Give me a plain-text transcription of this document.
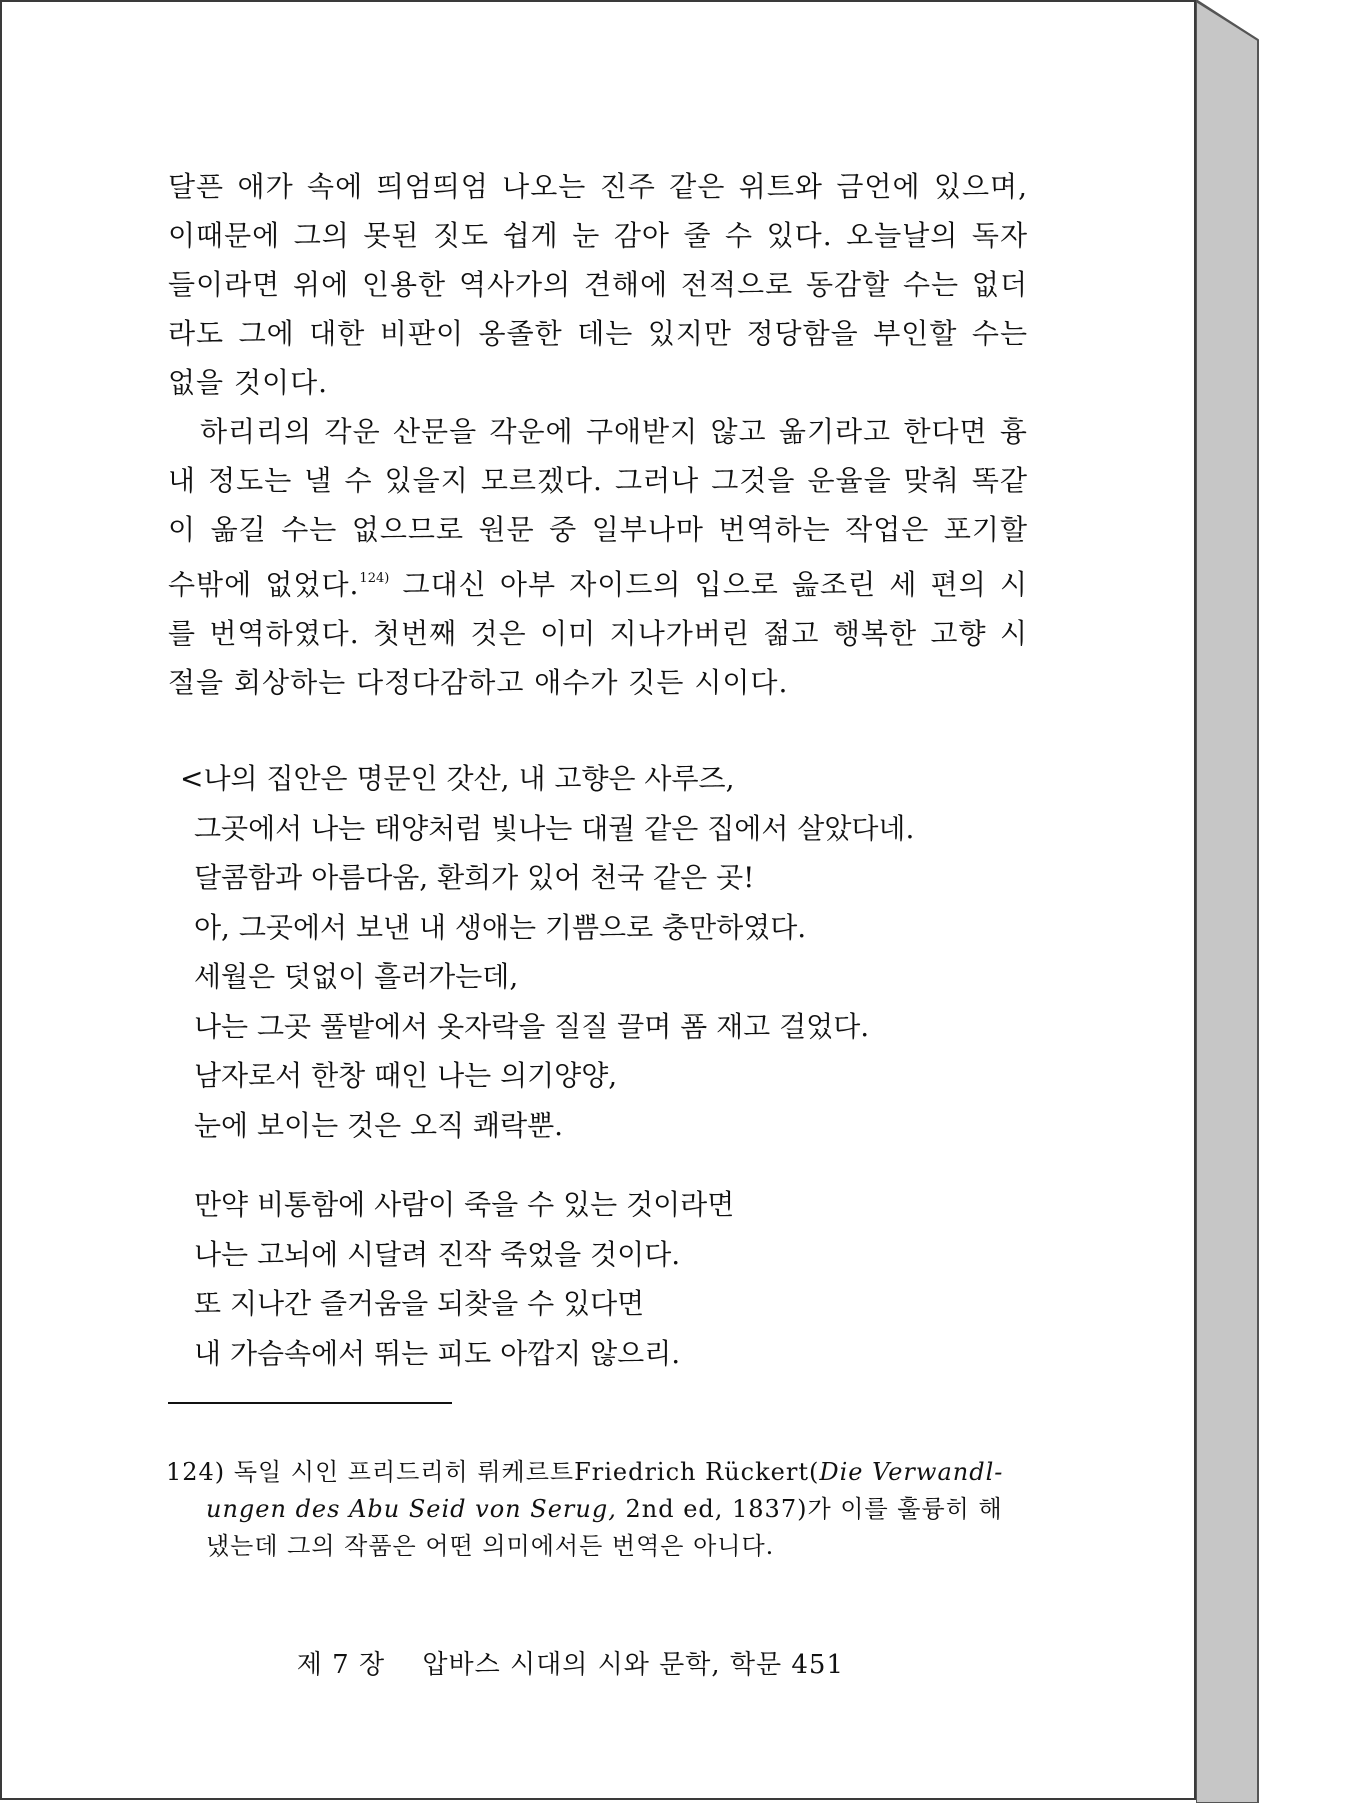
달픈 애가 속에 띄엄띄엄 나오는 진주 같은 위트와 금언에 있으며,
이때문에 그의 못된 짓도 쉽게 눈 감아 줄 수 있다. 오늘날의 독자
들이라면 위에 인용한 역사가의 견해에 전적으로 동감할 수는 없더
라도 그에 대한 비판이 옹졸한 데는 있지만 정당함을 부인할 수는
없을 것이다.

하리리의 각운 산문을 각운에 구애받지 않고 옮기라고 한다면 흉
내 정도는 낼 수 있을지 모르겠다. 그러나 그것을 운율을 맞춰 똑같
이 옮길 수는 없으므로 원문 중 일부나마 번역하는 작업은 포기할
수밖에 없었다.$^{124)}$ 그대신 아부 자이드의 입으로 읊조린 세 편의 시
를 번역하였다. 첫번째 것은 이미 지나가버린 젊고 행복한 고향 시
절을 회상하는 다정다감하고 애수가 깃든 시이다.

<나의 집안은 명문인 갓산, 내 고향은 사루즈,
그곳에서 나는 태양처럼 빛나는 대궐 같은 집에서 살았다네.
달콤함과 아름다움, 환희가 있어 천국 같은 곳!
아, 그곳에서 보낸 내 생애는 기쁨으로 충만하였다.
세월은 덧없이 흘러가는데,
나는 그곳 풀밭에서 옷자락을 질질 끌며 폼 재고 걸었다.
남자로서 한창 때인 나는 의기양양,
눈에 보이는 것은 오직 쾌락뿐.
만약 비통함에 사람이 죽을 수 있는 것이라면
나는 고뇌에 시달려 진작 죽었을 것이다.
또 지나간 즐거움을 되찾을 수 있다면
내 가슴속에서 뛰는 피도 아깝지 않으리.
124) 독일 시인 프리드리히 뤼케르트Friedrich Rückert(Die Verwandl-
ungen des Abu Seid von Serug, 2nd ed, 1837)가 이를 훌륭히 해
냈는데 그의 작품은 어떤 의미에서든 번역은 아니다.
제 7 장 압바스 시대의 시와 문학, 학문 451
